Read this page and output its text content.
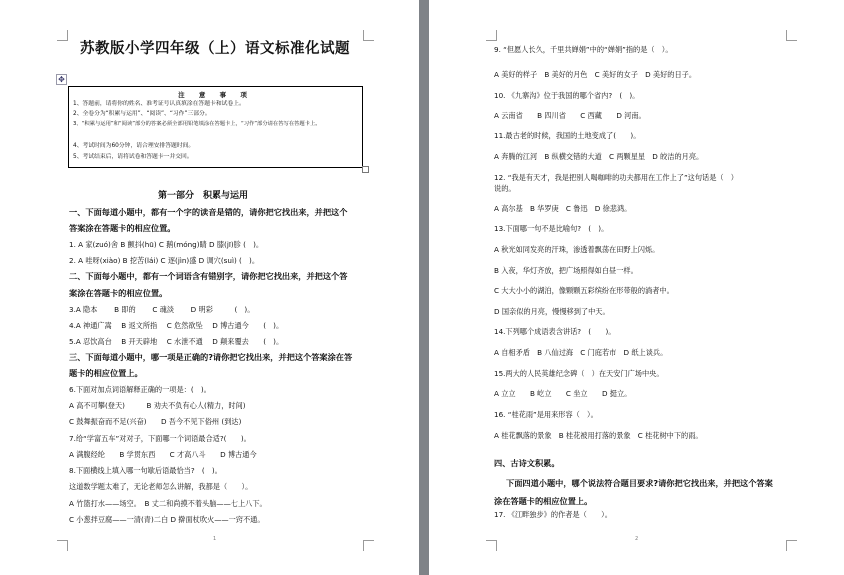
苏教版小学四年级（上）语文标准化试题
✥
注 意 事 项
1、答题前，请将你的姓名、准考证号认真填涂在答题卡和试卷上。
2、全卷分为“积累与运用”、“阅读”、“习作”三部分。
3、“积累与运用”和“阅读”部分的答案必须全部用铅笔填涂在答题卡上，“习作”部分请在答写在答题卡上。
4、考试时间为60分钟，请合理安排答题时间。
5、考试结束后，请将试卷和答题卡一并交回。
第一部分　积累与运用
一、下面每道小题中，都有一个字的读音是错的，请你把它找出来，并把这个
答案涂在答题卡的相应位置。
1. A 家(zuó)舍 B 颤抖(hū) C 鹅(móng)睛 D 膝(jī)胗 (　)。
2. A 哇呀(xiào) B 挖苦(lái) C 逐(jìn)盛 D 调穴(suì) (　)。
二、下面每小题中，都有一个词语含有错别字，请你把它找出来，并把这个答
案涂在答题卡的相应位置。
3.A 隐本　　 B 即的　　 C 魂淡　　 D 明彩　　　(　)。
4.A 神通广嵩　 B 返文所指　 C 危然欲坠　 D 博古通今　　(　)。
5.A 忍饮高台　 B 开天辟地　 C 水泄不通　 D 颠来覆去　　(　)。
三、下面每道小题中，哪一项是正确的?请你把它找出来，并把这个答案涂在答
题卡的相应位置上。
6.下面对加点词语解释正确的一项是：(　)。
A 高不可攀(登天)　　　B 劝夫不负有心人(精力，时间)
C 鼓舞振奋而不足(兴奋)　　D 吾今不见下俗州 (到达)
7.给“学富五车”对对子，下面哪一个词语最合适?(　　)。
A 满腹经纶　　B 学贯东西　　C 才高八斗　　D 博古通今
8.下面横线上填入哪一句歇后语最恰当?　(　)。
这道数学题太难了，无论老师怎么讲解，我都是（　　）。
A 竹篮打水——场空。　B 丈二和尚摸不着头脑——七上八下。
C 小葱拌豆腐——一清(青)二白 D 擀面杖吹火——一窍不通。
1
9. “但愿人长久，千里共婵娟”中的“婵娟”指的是（　）。
A 美好的样子　B 美好的月色　C 美好的女子　D 美好的日子。
10. 《九寨沟》位于我国的哪个省内?　(　)。
A 云南省　　B 四川省　　C 西藏　　D 河南。
11.最古老的时候，我国的土地变成了(　　)。
A 奔腾的江河　B 纵横交错的大道　C 两颗星星　D 皎洁的月亮。
12. “我是有天才，我是把别人喝咖啡的功夫都用在工作上了”这句话是（　）
说的。
A 高尔基　B 华罗庚　C 鲁迅　D 徐悲鸿。
13.下面哪一句不是比喻句?　(　)。
A 秋光如同发亮的汗珠，渗透着飘荡在田野上闪烁。
B 入夜，华灯齐放，把广场照得如白昼一样。
C 大大小小的湖泊，像颗颗五彩缤纷在形带般的淌者中。
D 国亲似的月亮，慢慢移到了中天。
14.下列哪个成语表含讲话?　(　　)。
A 自相矛盾　B 八仙过海　C 门庭若市　D 纸上谈兵。
15.两大的人民英雄纪念碑（　）在天安门广场中央。
A 立立　　B 屹立　　C 坐立　　D 挺立。
16. “桂花雨”是用来形容（　）。
A 桂花飘落的景象　B 桂花被用打落的景象　C 桂花树中下的雨。
四、古诗文积累。
下面四道小题中，哪个说法符合题目要求?请你把它找出来，并把这个答案
涂在答题卡的相应位置上。
17. 《江畔独步》的作者是（　　）。
2
